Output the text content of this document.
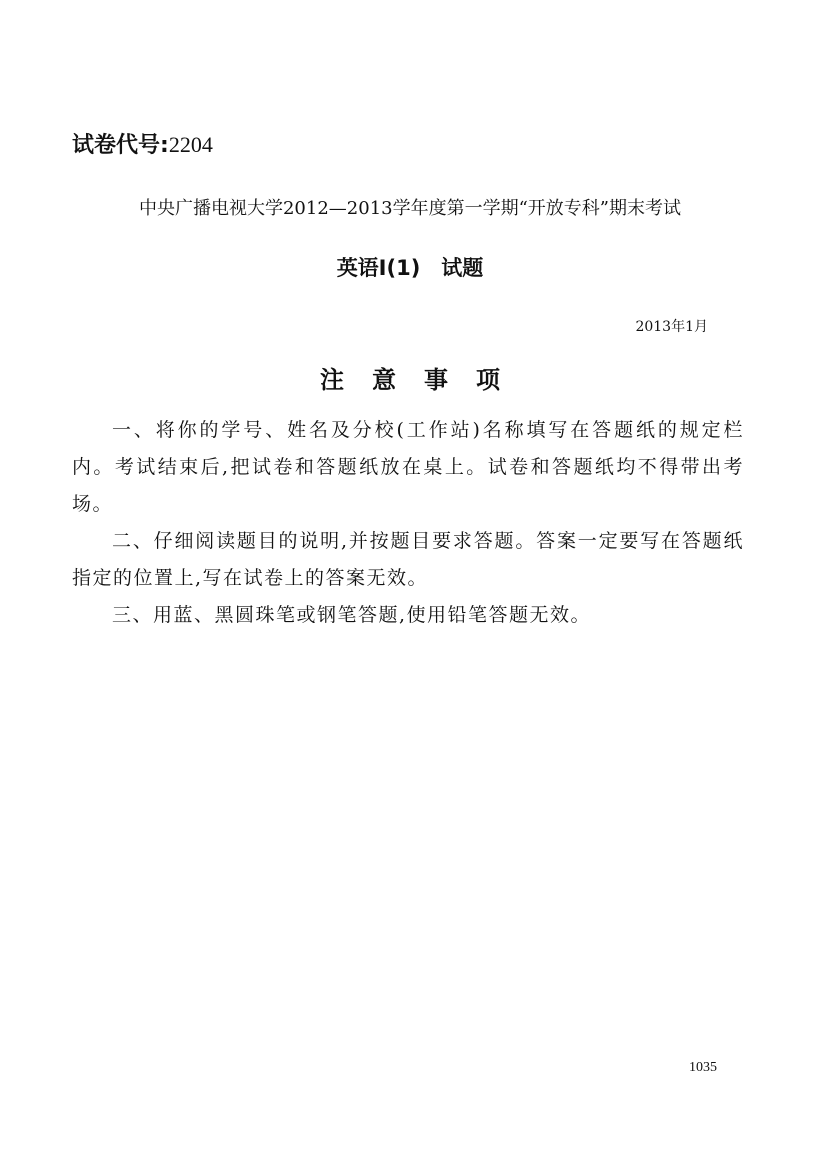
试卷代号:2204
中央广播电视大学2012—2013学年度第一学期“开放专科”期末考试
英语Ⅰ(1)　试题
2013年1月
注意事项

一、将你的学号、姓名及分校(工作站)名称填写在答题纸的规定栏内。考试结束后,把试卷和答题纸放在桌上。试卷和答题纸均不得带出考场。

二、仔细阅读题目的说明,并按题目要求答题。答案一定要写在答题纸指定的位置上,写在试卷上的答案无效。

三、用蓝、黑圆珠笔或钢笔答题,使用铅笔答题无效。

1035
